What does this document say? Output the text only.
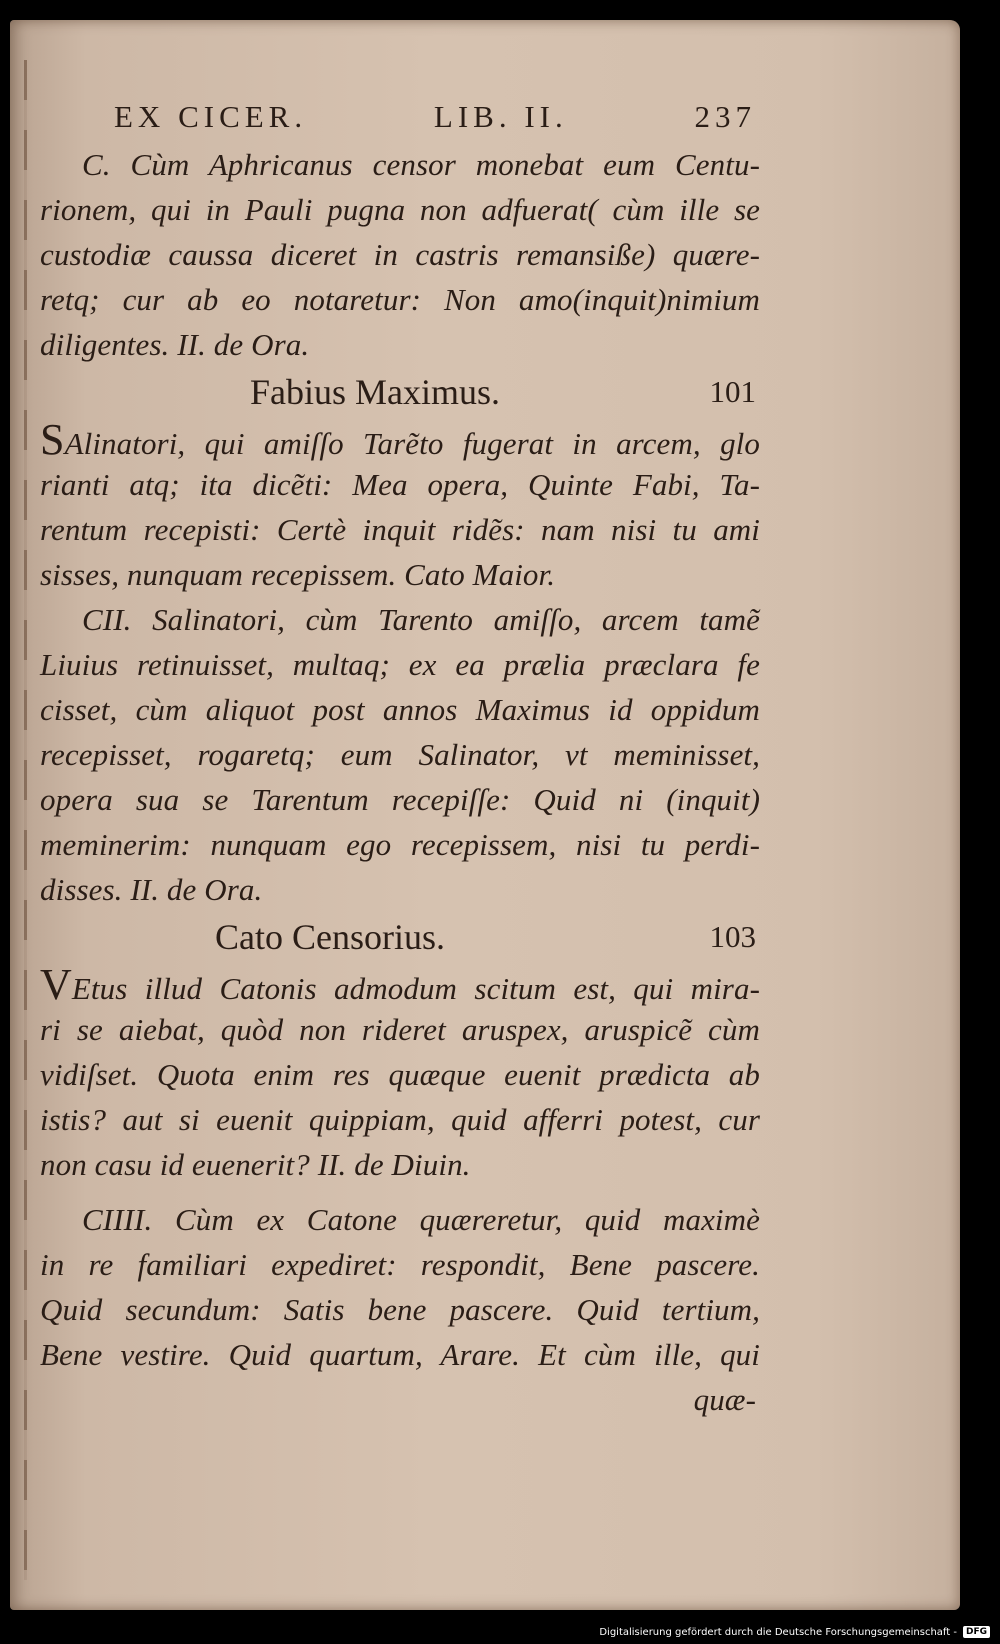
EX CICER.	LIB. II.	237
C. Cùm Aphricanus censor monebat eum Centu-
rionem, qui in Pauli pugna non adfuerat( cùm ille se
custodiæ caussa diceret in castris remansiße) quære-
retq; cur ab eo notaretur: Non amo(inquit)nimium
diligentes. II. de Ora.
Fabius Maximus.	101
SAlinatori, qui amiſſo Tarẽto fugerat in arcem, glo
rianti atq; ita dicẽti: Mea opera, Quinte Fabi, Ta-
rentum recepisti: Certè inquit ridẽs: nam nisi tu ami
sisses, nunquam recepissem. Cato Maior.
CII. Salinatori, cùm Tarento amiſſo, arcem tamẽ
Liuius retinuisset, multaq; ex ea prælia præclara fe
cisset, cùm aliquot post annos Maximus id oppidum
recepisset, rogaretq; eum Salinator, vt meminisset,
opera sua se Tarentum recepiſſe: Quid ni (inquit)
meminerim: nunquam ego recepissem, nisi tu perdi-
disses. II. de Ora.
Cato Censorius.	103
VEtus illud Catonis admodum scitum est, qui mira-
ri se aiebat, quòd non rideret aruspex, aruspicẽ cùm
vidiſset. Quota enim res quæque euenit prædicta ab
istis? aut si euenit quippiam, quid afferri potest, cur
non casu id euenerit? II. de Diuin.
CIIII. Cùm ex Catone quæreretur, quid maximè
in re familiari expediret: respondit, Bene pascere.
Quid secundum: Satis bene pascere. Quid tertium,
Bene vestire. Quid quartum, Arare. Et cùm ille, qui
quæ-
Digitalisierung gefördert durch die Deutsche Forschungsgemeinschaft -	DFG
